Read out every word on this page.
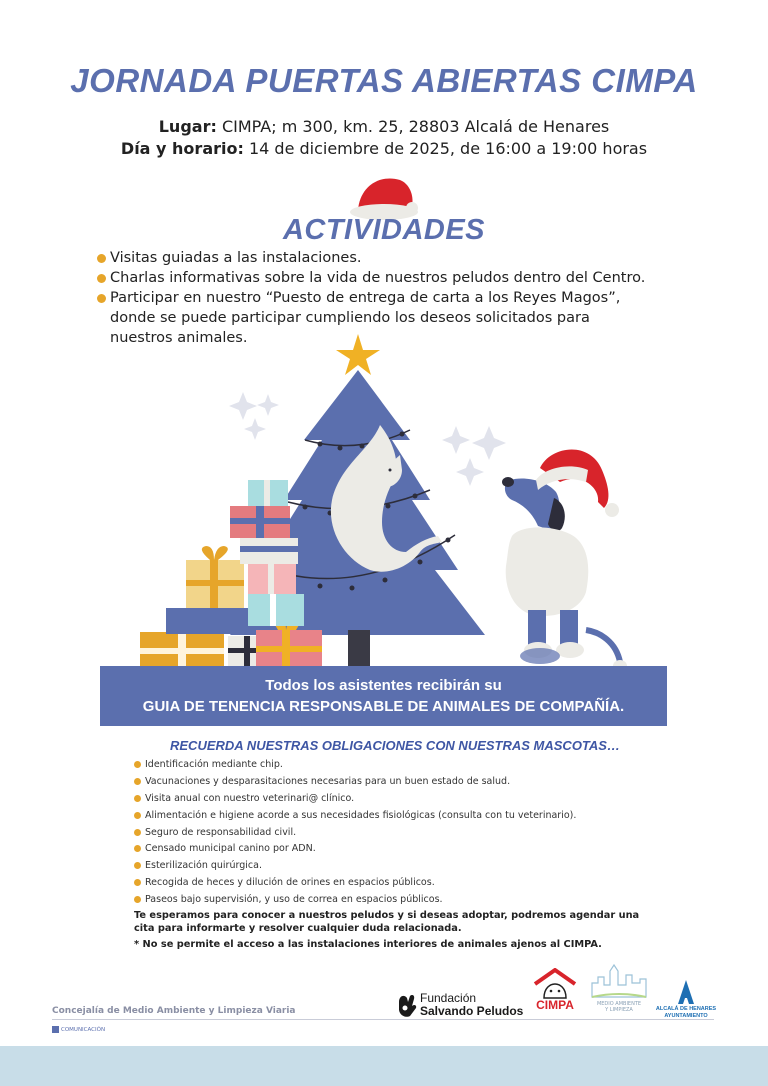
JORNADA PUERTAS ABIERTAS CIMPA
Lugar: CIMPA; m 300, km. 25, 28803 Alcalá de Henares
Día y horario: 14 de diciembre de 2025, de 16:00 a 19:00 horas
ACTIVIDADES
Visitas guiadas a las instalaciones.
Charlas informativas sobre la vida de nuestros peludos dentro del Centro.
Participar en nuestro “Puesto de entrega de carta a los Reyes Magos”, donde se puede participar cumpliendo los deseos solicitados para nuestros animales.
Todos los asistentes recibirán su
GUIA DE TENENCIA RESPONSABLE DE ANIMALES DE COMPAÑÍA.
RECUERDA NUESTRAS OBLIGACIONES CON NUESTRAS MASCOTAS…
Identificación mediante chip.
Vacunaciones y desparasitaciones necesarias para un buen estado de salud.
Visita anual con nuestro veterinari@ clínico.
Alimentación e higiene acorde a sus necesidades fisiológicas (consulta con tu veterinario).
Seguro de responsabilidad civil.
Censado municipal canino por ADN.
Esterilización quirúrgica.
Recogida de heces y dilución de orines en espacios públicos.
Paseos bajo supervisión, y uso de correa en espacios públicos.
Te esperamos para conocer a nuestros peludos y si deseas adoptar, podremos agendar una cita para informarte y resolver cualquier duda relacionada.
* No se permite el acceso a las instalaciones interiores de animales ajenos al CIMPA.
Fundación
Salvando Peludos	CIMPA	MEDIO AMBIENTE
Y LIMPIEZA	ALCALÁ DE HENARES
AYUNTAMIENTO
Concejalía de Medio Ambiente y Limpieza Viaria
COMUNICACIÓN
